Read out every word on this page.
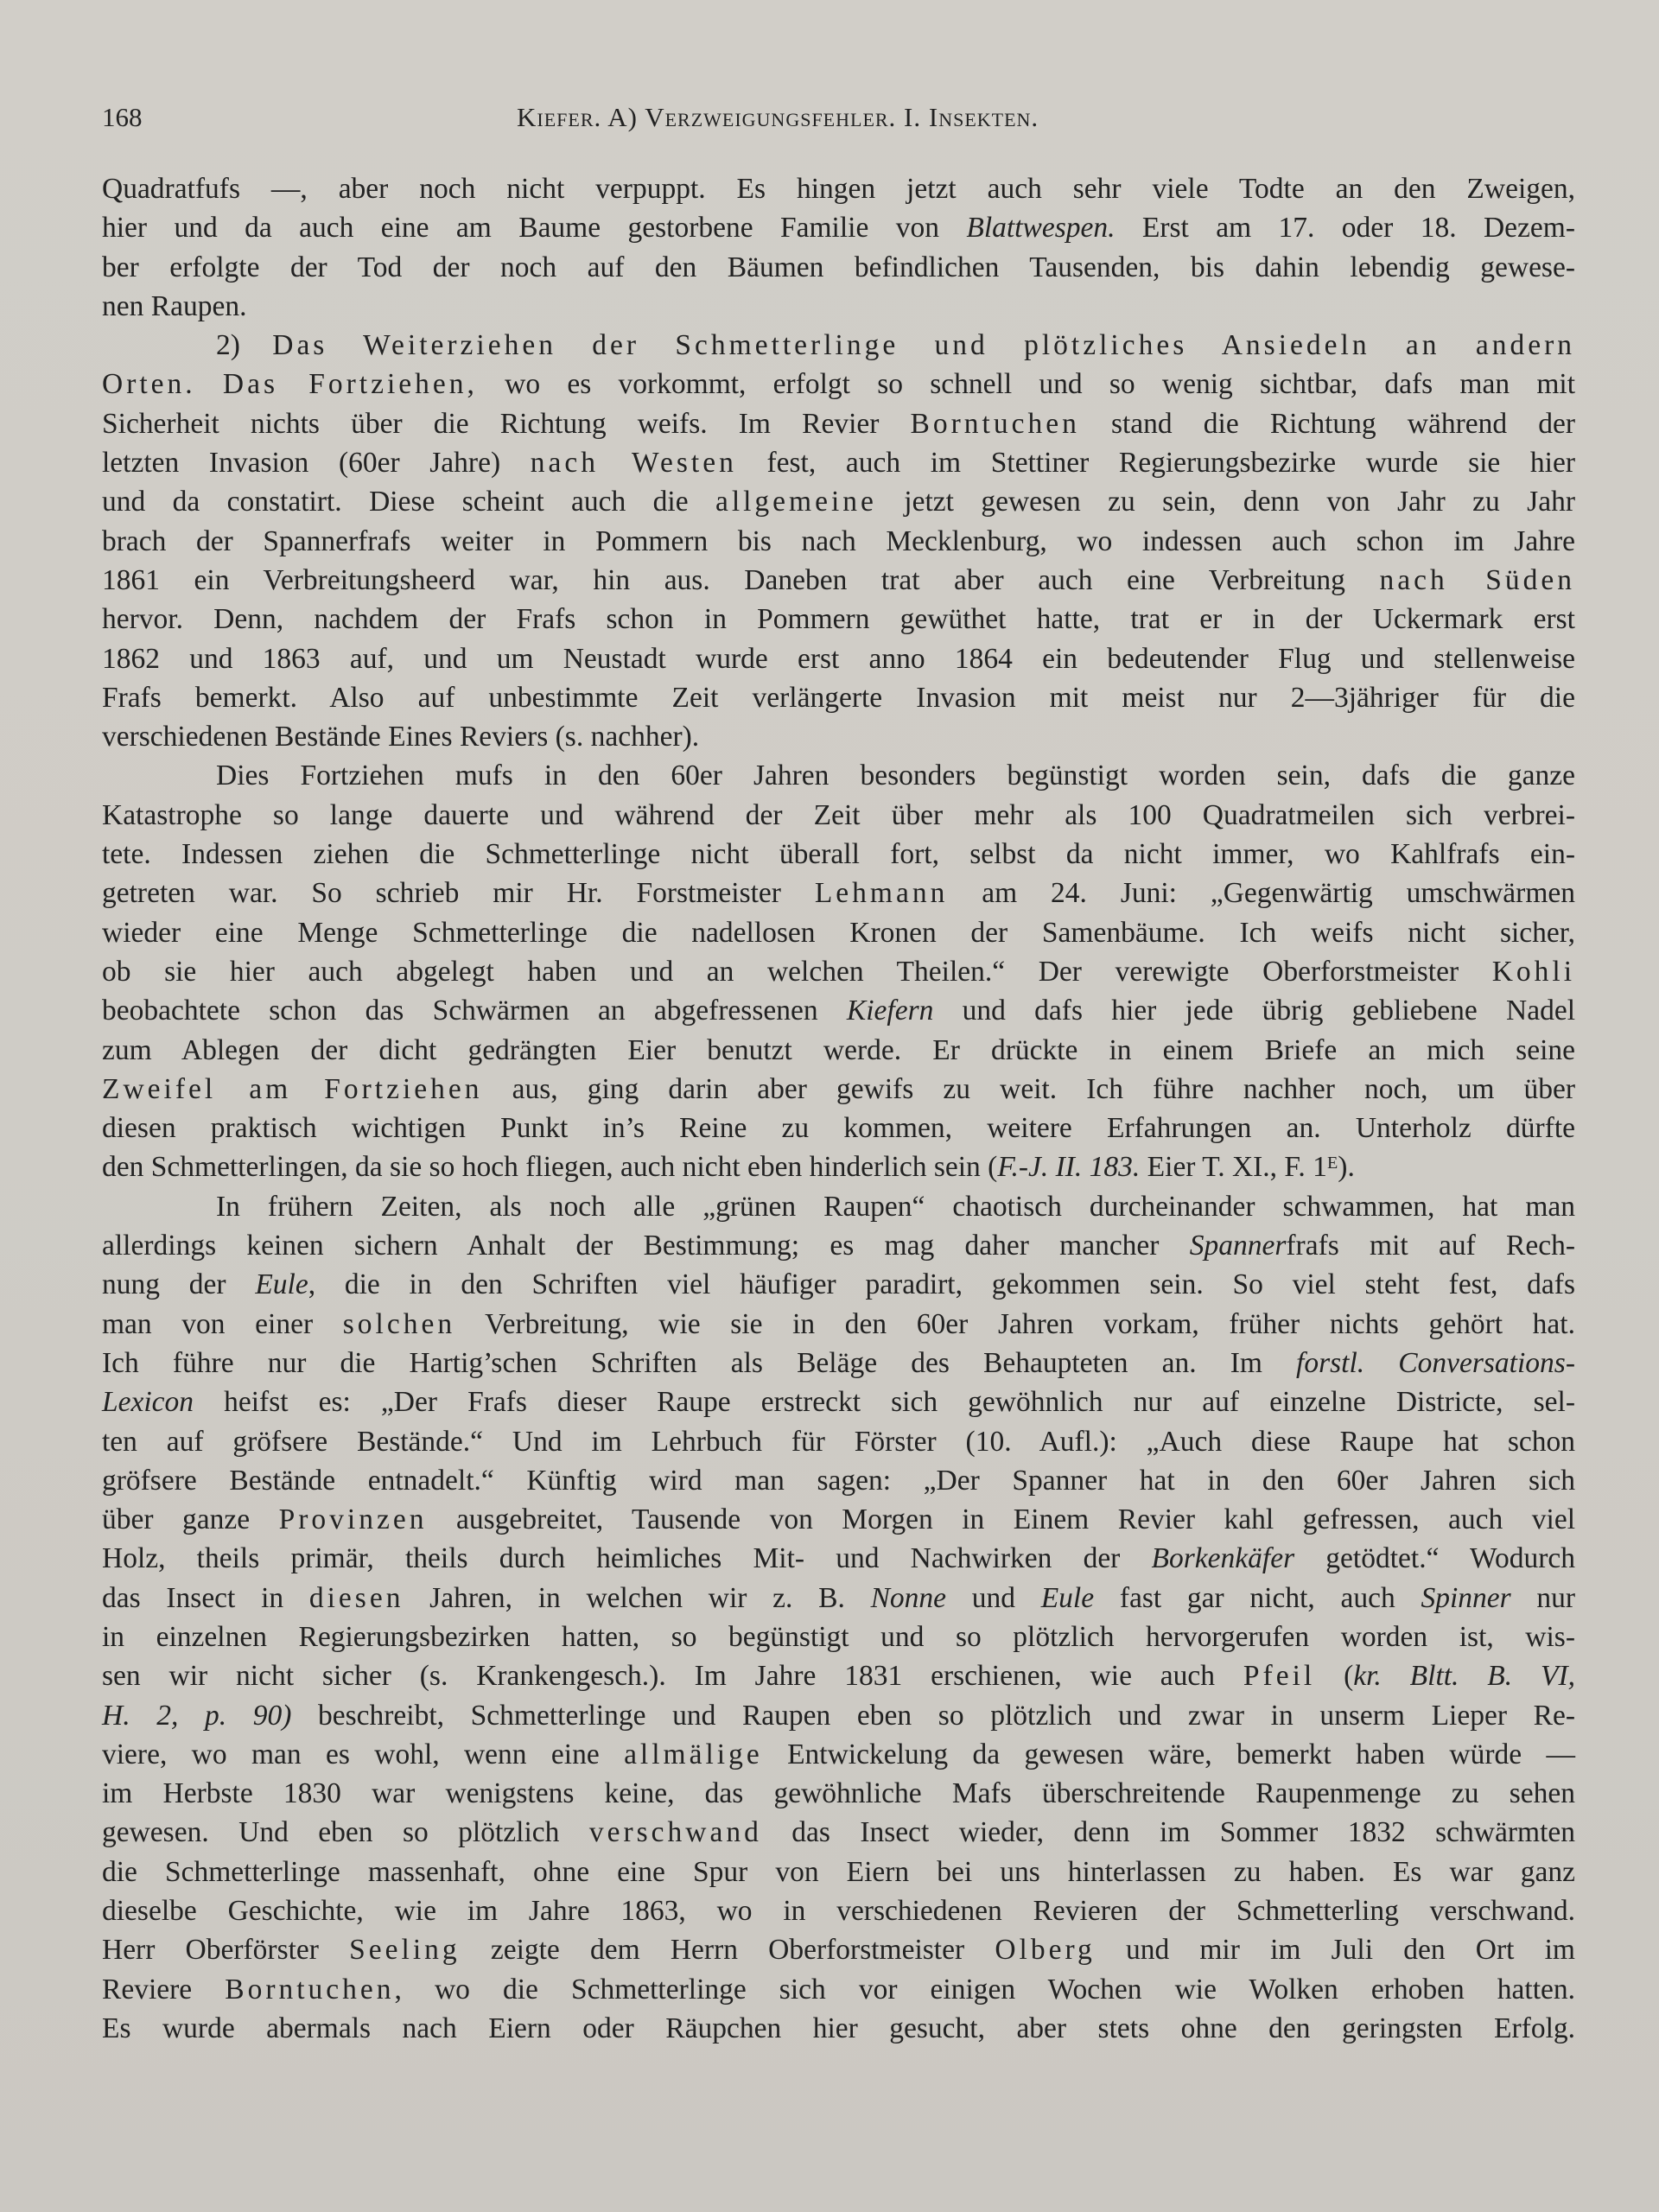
168	Kiefer. A) Verzweigungsfehler. I. Insekten.

Quadratfufs —, aber noch nicht verpuppt. Es hingen jetzt auch sehr viele Todte an den Zweigen,

hier und da auch eine am Baume gestorbene Familie von Blattwespen. Erst am 17. oder 18. Dezem-

ber erfolgte der Tod der noch auf den Bäumen befindlichen Tausenden, bis dahin lebendig gewese-

nen Raupen.

2) Das Weiterziehen der Schmetterlinge und plötzliches Ansiedeln an andern

Orten. Das Fortziehen, wo es vorkommt, erfolgt so schnell und so wenig sichtbar, dafs man mit

Sicherheit nichts über die Richtung weifs. Im Revier Borntuchen stand die Richtung während der

letzten Invasion (60er Jahre) nach Westen fest, auch im Stettiner Regierungsbezirke wurde sie hier

und da constatirt. Diese scheint auch die allgemeine jetzt gewesen zu sein, denn von Jahr zu Jahr

brach der Spannerfrafs weiter in Pommern bis nach Mecklenburg, wo indessen auch schon im Jahre

1861 ein Verbreitungsheerd war, hin aus. Daneben trat aber auch eine Verbreitung nach Süden

hervor. Denn, nachdem der Frafs schon in Pommern gewüthet hatte, trat er in der Uckermark erst

1862 und 1863 auf, und um Neustadt wurde erst anno 1864 ein bedeutender Flug und stellenweise

Frafs bemerkt. Also auf unbestimmte Zeit verlängerte Invasion mit meist nur 2—3jähriger für die

verschiedenen Bestände Eines Reviers (s. nachher).

Dies Fortziehen mufs in den 60er Jahren besonders begünstigt worden sein, dafs die ganze

Katastrophe so lange dauerte und während der Zeit über mehr als 100 Quadratmeilen sich verbrei-

tete. Indessen ziehen die Schmetterlinge nicht überall fort, selbst da nicht immer, wo Kahlfrafs ein-

getreten war. So schrieb mir Hr. Forstmeister Lehmann am 24. Juni: „Gegenwärtig umschwärmen

wieder eine Menge Schmetterlinge die nadellosen Kronen der Samenbäume. Ich weifs nicht sicher,

ob sie hier auch abgelegt haben und an welchen Theilen.“ Der verewigte Oberforstmeister Kohli

beobachtete schon das Schwärmen an abgefressenen Kiefern und dafs hier jede übrig gebliebene Nadel

zum Ablegen der dicht gedrängten Eier benutzt werde. Er drückte in einem Briefe an mich seine

Zweifel am Fortziehen aus, ging darin aber gewifs zu weit. Ich führe nachher noch, um über

diesen praktisch wichtigen Punkt in’s Reine zu kommen, weitere Erfahrungen an. Unterholz dürfte

den Schmetterlingen, da sie so hoch fliegen, auch nicht eben hinderlich sein (F.-J. II. 183. Eier T. XI., F. 1ᴱ).

In frühern Zeiten, als noch alle „grünen Raupen“ chaotisch durcheinander schwammen, hat man

allerdings keinen sichern Anhalt der Bestimmung; es mag daher mancher Spannerfrafs mit auf Rech-

nung der Eule, die in den Schriften viel häufiger paradirt, gekommen sein. So viel steht fest, dafs

man von einer solchen Verbreitung, wie sie in den 60er Jahren vorkam, früher nichts gehört hat.

Ich führe nur die Hartig’schen Schriften als Beläge des Behaupteten an. Im forstl. Conversations-

Lexicon heifst es: „Der Frafs dieser Raupe erstreckt sich gewöhnlich nur auf einzelne Districte, sel-

ten auf gröfsere Bestände.“ Und im Lehrbuch für Förster (10. Aufl.): „Auch diese Raupe hat schon

gröfsere Bestände entnadelt.“ Künftig wird man sagen: „Der Spanner hat in den 60er Jahren sich

über ganze Provinzen ausgebreitet, Tausende von Morgen in Einem Revier kahl gefressen, auch viel

Holz, theils primär, theils durch heimliches Mit- und Nachwirken der Borkenkäfer getödtet.“ Wodurch

das Insect in diesen Jahren, in welchen wir z. B. Nonne und Eule fast gar nicht, auch Spinner nur

in einzelnen Regierungsbezirken hatten, so begünstigt und so plötzlich hervorgerufen worden ist, wis-

sen wir nicht sicher (s. Krankengesch.). Im Jahre 1831 erschienen, wie auch Pfeil (kr. Bltt. B. VI,

H. 2, p. 90) beschreibt, Schmetterlinge und Raupen eben so plötzlich und zwar in unserm Lieper Re-

viere, wo man es wohl, wenn eine allmälige Entwickelung da gewesen wäre, bemerkt haben würde —

im Herbste 1830 war wenigstens keine, das gewöhnliche Mafs überschreitende Raupenmenge zu sehen

gewesen. Und eben so plötzlich verschwand das Insect wieder, denn im Sommer 1832 schwärmten

die Schmetterlinge massenhaft, ohne eine Spur von Eiern bei uns hinterlassen zu haben. Es war ganz

dieselbe Geschichte, wie im Jahre 1863, wo in verschiedenen Revieren der Schmetterling verschwand.

Herr Oberförster Seeling zeigte dem Herrn Oberforstmeister Olberg und mir im Juli den Ort im

Reviere Borntuchen, wo die Schmetterlinge sich vor einigen Wochen wie Wolken erhoben hatten.

Es wurde abermals nach Eiern oder Räupchen hier gesucht, aber stets ohne den geringsten Erfolg.
